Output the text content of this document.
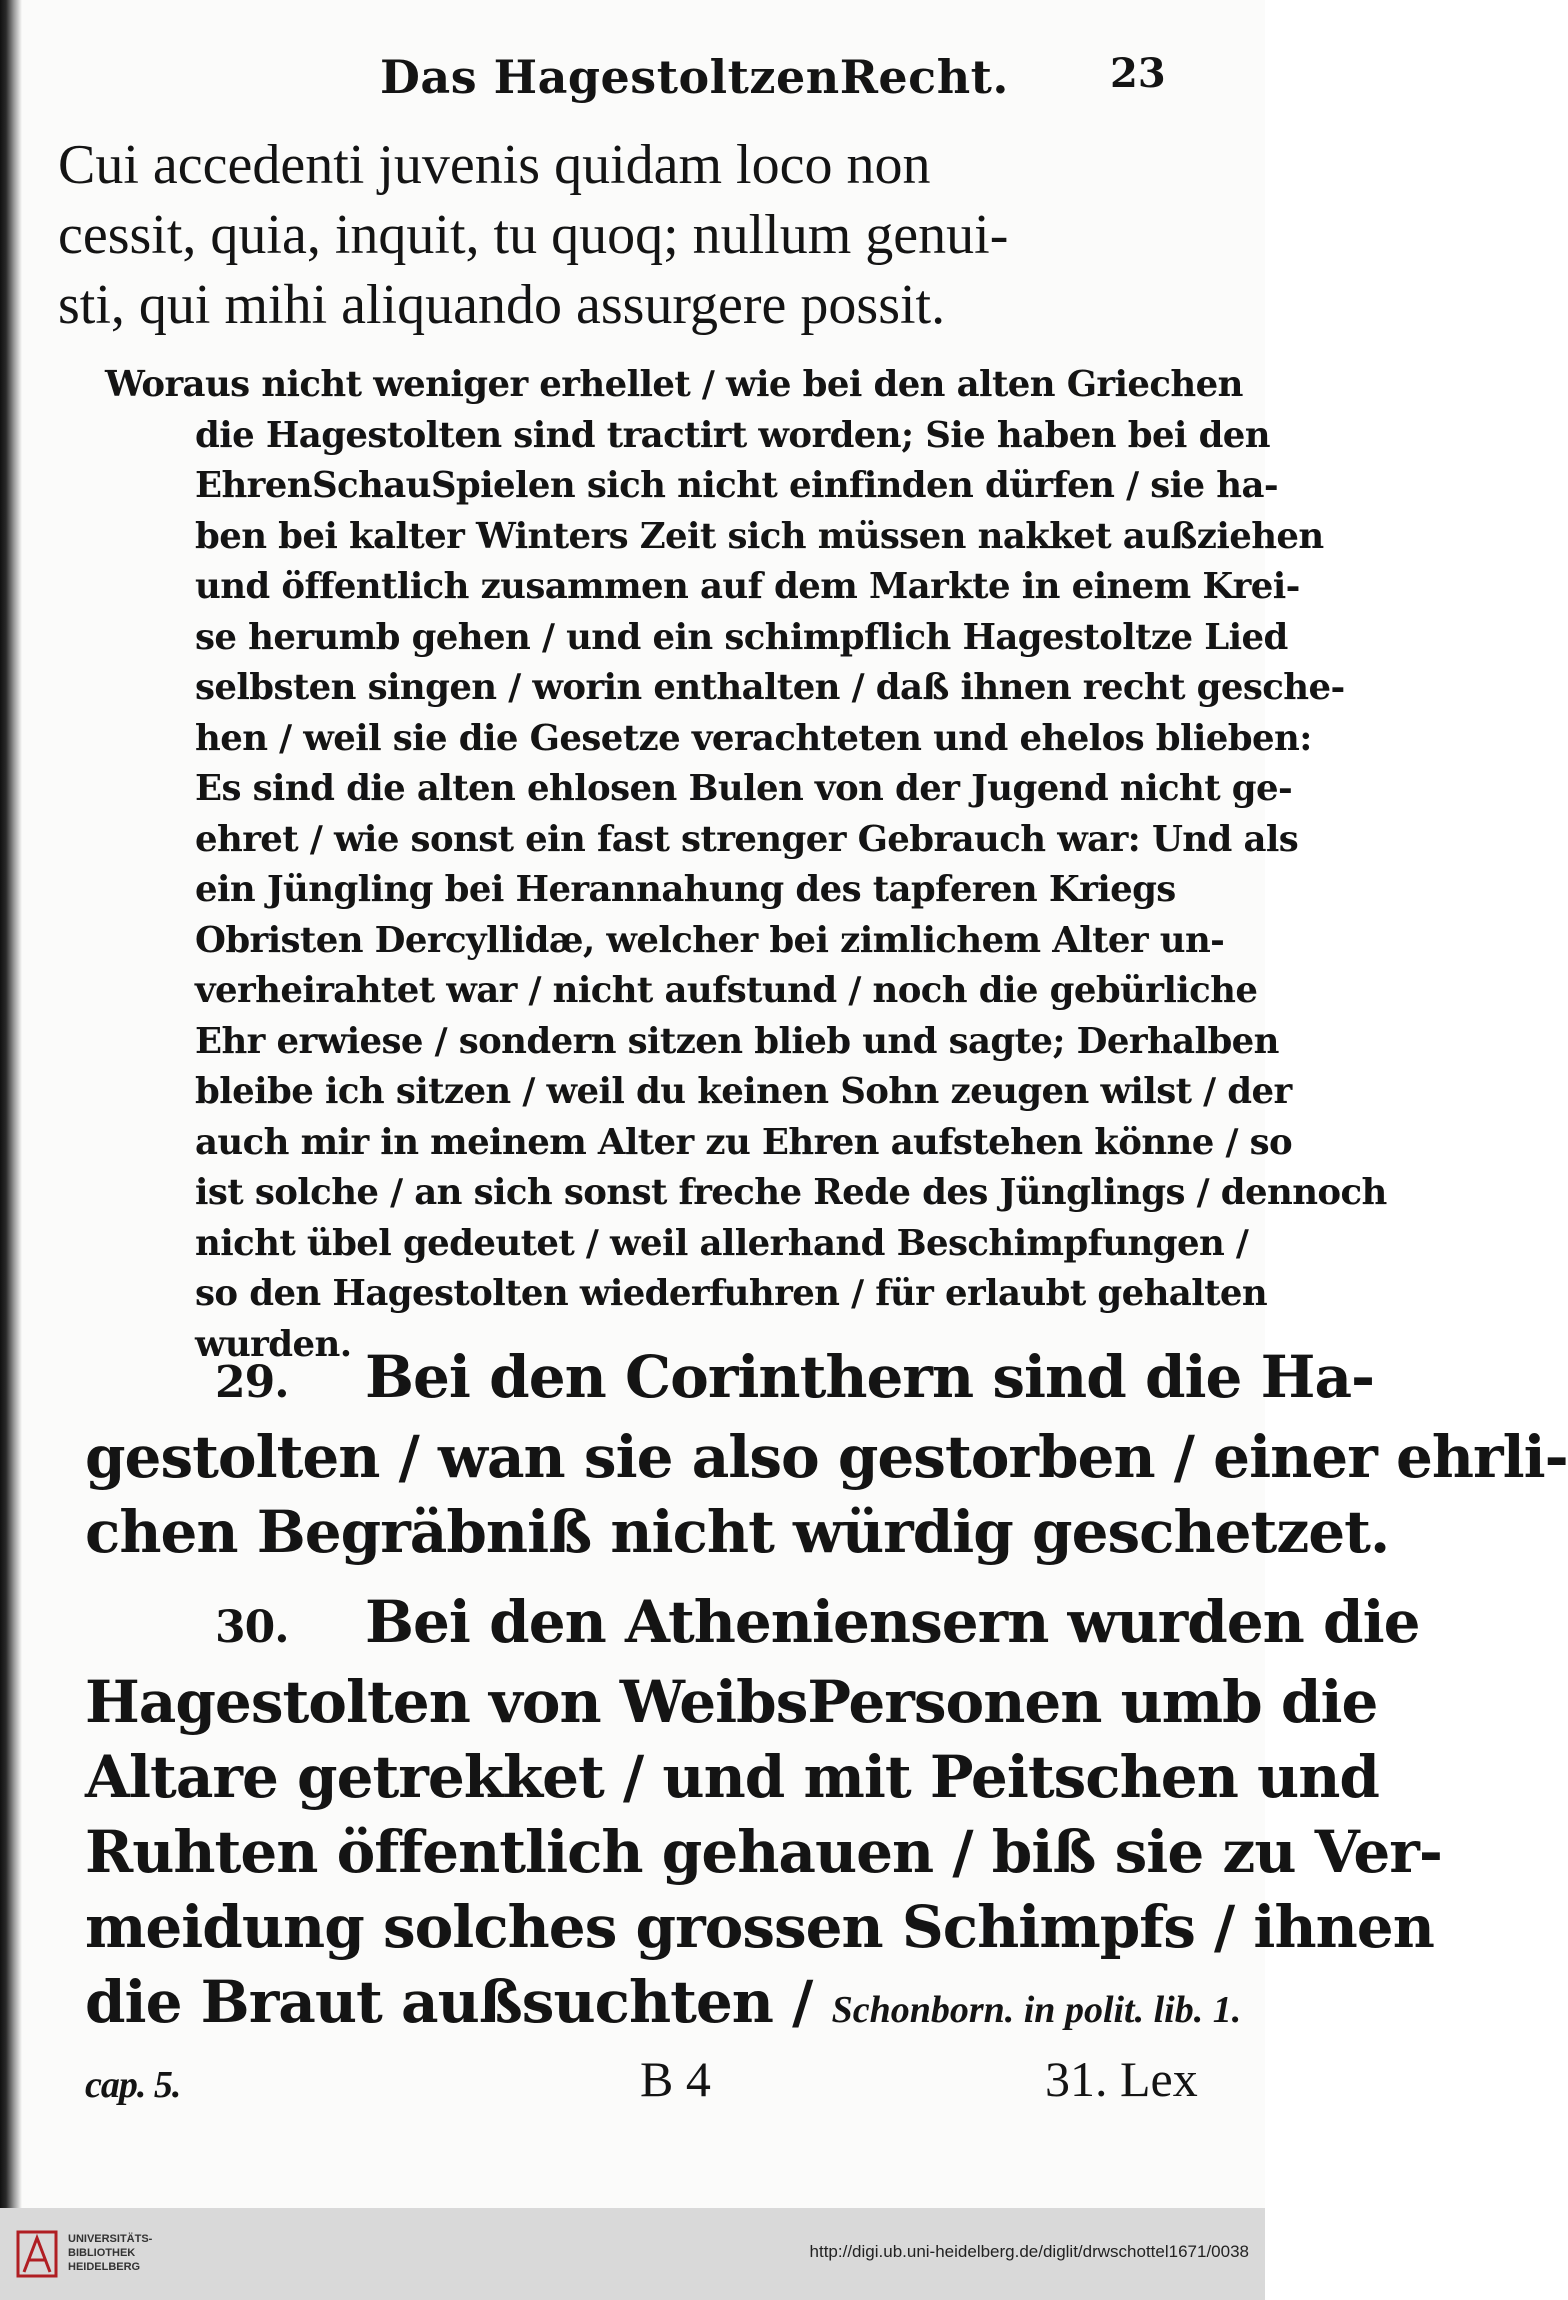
Das HagestoltzenRecht.	23
Cui accedenti juvenis quidam loco non
cessit, quia, inquit, tu quoq; nullum genui-
sti, qui mihi aliquando assurgere possit.
Woraus nicht weniger erhellet / wie bei den alten Griechen
die Hagestolten sind tractirt worden; Sie haben bei den
EhrenSchauSpielen sich nicht einfinden dürfen / sie ha-
ben bei kalter Winters Zeit sich müssen nakket außziehen
und öffentlich zusammen auf dem Markte in einem Krei-
se herumb gehen / und ein schimpflich Hagestoltze Lied
selbsten singen / worin enthalten / daß ihnen recht gesche-
hen / weil sie die Gesetze verachteten und ehelos blieben:
Es sind die alten ehlosen Bulen von der Jugend nicht ge-
ehret / wie sonst ein fast strenger Gebrauch war: Und als
ein Jüngling bei Herannahung des tapferen Kriegs
Obristen Dercyllidæ, welcher bei zimlichem Alter un-
verheirahtet war / nicht aufstund / noch die gebürliche
Ehr erwiese / sondern sitzen blieb und sagte; Derhalben
bleibe ich sitzen / weil du keinen Sohn zeugen wilst / der
auch mir in meinem Alter zu Ehren aufstehen könne / so
ist solche / an sich sonst freche Rede des Jünglings / dennoch
nicht übel gedeutet / weil allerhand Beschimpfungen /
so den Hagestolten wiederfuhren / für erlaubt gehalten
wurden.
29. Bei den Corinthern sind die Ha-
gestolten / wan sie also gestorben / einer ehrli-
chen Begräbniß nicht würdig geschetzet.
30. Bei den Atheniensern wurden die
Hagestolten von WeibsPersonen umb die
Altare getrekket / und mit Peitschen und
Ruhten öffentlich gehauen / biß sie zu Ver-
meidung solches grossen Schimpfs / ihnen
die Braut außsuchten / Schonborn. in polit. lib. 1.
cap. 5.	B 4	31. Lex
UNIVERSITÄTS-
BIBLIOTHEK
HEIDELBERG
http://digi.ub.uni-heidelberg.de/diglit/drwschottel1671/0038
